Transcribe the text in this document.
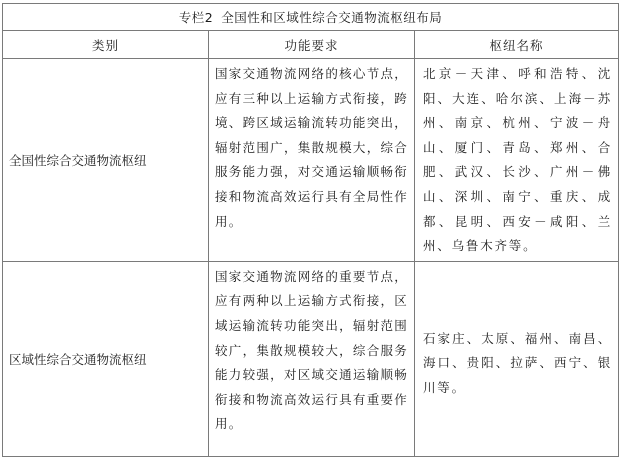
专栏2 全国性和区域性综合交通物流枢纽布局		
类别	功能要求	枢纽名称
全国性综合交通物流枢纽	国家交通物流网络的核心节点，应有三种以上运输方式衔接，跨境、跨区域运输流转功能突出，辐射范围广，集散规模大，综合服务能力强，对交通运输顺畅衔接和物流高效运行具有全局性作用。	北京－天津、呼和浩特、沈阳、大连、哈尔滨、上海－苏州、南京、杭州、宁波－舟山、厦门、青岛、郑州、合肥、武汉、长沙、广州－佛山、深圳、南宁、重庆、成都、昆明、西安－咸阳、兰州、乌鲁木齐等。
区域性综合交通物流枢纽	国家交通物流网络的重要节点，应有两种以上运输方式衔接，区域运输流转功能突出，辐射范围较广，集散规模较大，综合服务能力较强，对区域交通运输顺畅衔接和物流高效运行具有重要作用。	石家庄、太原、福州、南昌、海口、贵阳、拉萨、西宁、银川等。
